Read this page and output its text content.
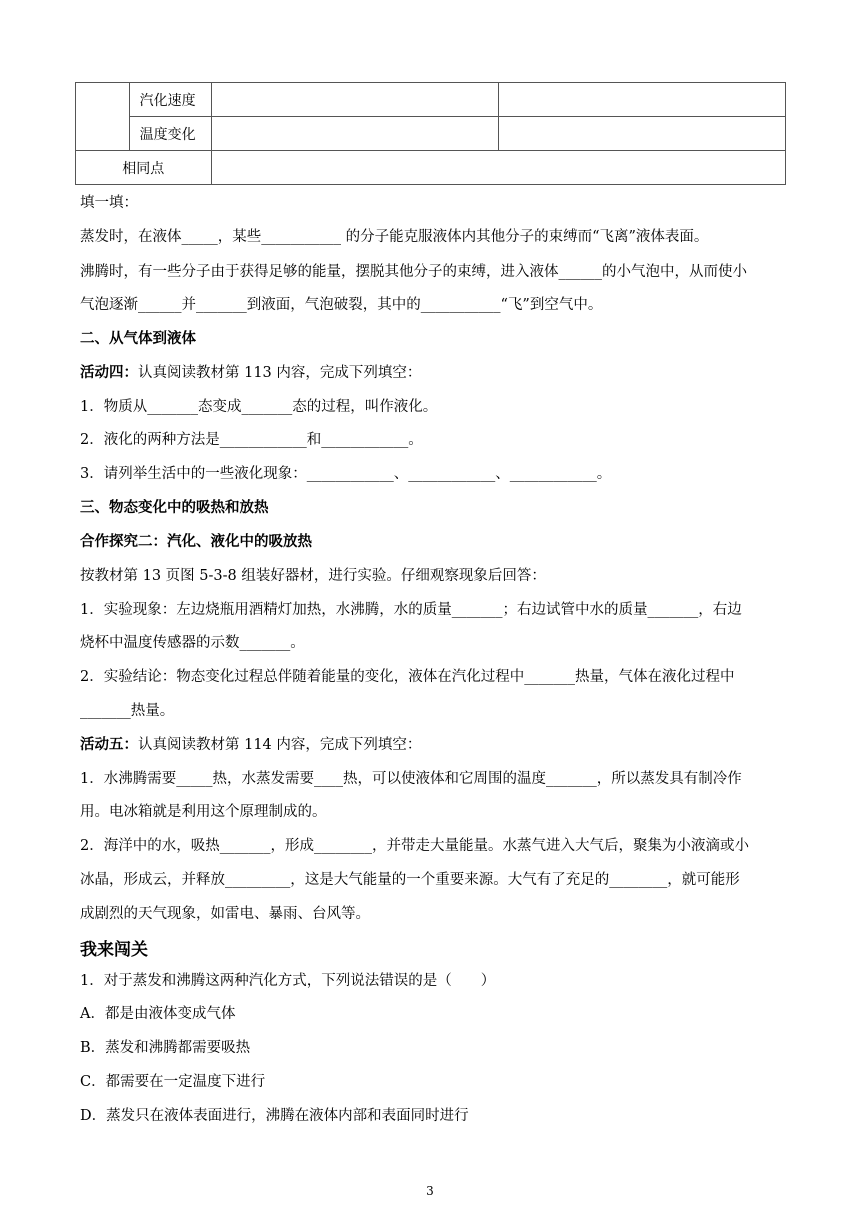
	汽化速度		
	温度变化		
相同点			
填一填：
蒸发时，在液体_____，某些___________ 的分子能克服液体内其他分子的束缚而“飞离”液体表面。
沸腾时，有一些分子由于获得足够的能量，摆脱其他分子的束缚，进入液体______的小气泡中，从而使小
气泡逐渐______并_______到液面，气泡破裂，其中的___________“飞”到空气中。
二、从气体到液体
活动四：认真阅读教材第 113 内容，完成下列填空：
1．物质从_______态变成_______态的过程，叫作液化。
2．液化的两种方法是____________和____________。
3．请列举生活中的一些液化现象：____________、____________、____________。
三、物态变化中的吸热和放热
合作探究二：汽化、液化中的吸放热
按教材第 13 页图 5-3-8 组装好器材，进行实验。仔细观察现象后回答：
1．实验现象：左边烧瓶用酒精灯加热，水沸腾，水的质量_______；右边试管中水的质量_______，右边
烧杯中温度传感器的示数_______。
2．实验结论：物态变化过程总伴随着能量的变化，液体在汽化过程中_______热量，气体在液化过程中
_______热量。
活动五：认真阅读教材第 114 内容，完成下列填空：
1．水沸腾需要_____热，水蒸发需要____热，可以使液体和它周围的温度_______，所以蒸发具有制冷作
用。电冰箱就是利用这个原理制成的。
2．海洋中的水，吸热_______，形成________，并带走大量能量。水蒸气进入大气后，聚集为小液滴或小
冰晶，形成云，并释放_________，这是大气能量的一个重要来源。大气有了充足的________，就可能形
成剧烈的天气现象，如雷电、暴雨、台风等。
我来闯关
1．对于蒸发和沸腾这两种汽化方式，下列说法错误的是（　　）
A．都是由液体变成气体
B．蒸发和沸腾都需要吸热
C．都需要在一定温度下进行
D．蒸发只在液体表面进行，沸腾在液体内部和表面同时进行
3
